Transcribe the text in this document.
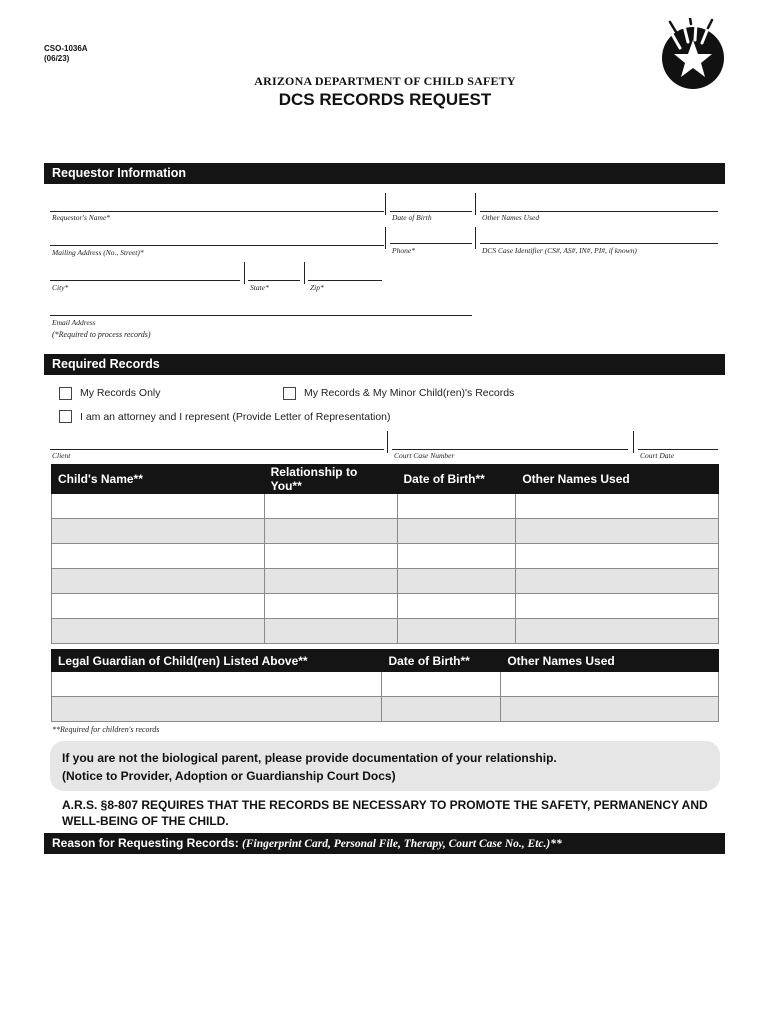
CSO-1036A
(06/23)
ARIZONA DEPARTMENT OF CHILD SAFETY
DCS RECORDS REQUEST
Requestor Information
Requestor's Name*	Date of Birth	Other Names Used
Mailing Address (No., Street)*	Phone*	DCS Case Identifier (CS#, AS#, IN#, PI#, if known)
City*	State*	Zip*
Email Address
(*Required to process records)
Required Records
My Records Only	My Records & My Minor Child(ren)'s Records
I am an attorney and I represent (Provide Letter of Representation)
Client	Court Case Number	Court Date
Child's Name**	Relationship to You**	Date of Birth**	Other Names Used

Legal Guardian of Child(ren) Listed Above**	Date of Birth**	Other Names Used

**Required for children's records
If you are not the biological parent, please provide documentation of your relationship.
(Notice to Provider, Adoption or Guardianship Court Docs)
A.R.S. §8-807 REQUIRES THAT THE RECORDS BE NECESSARY TO PROMOTE THE SAFETY, PERMANENCY AND WELL-BEING OF THE CHILD.
Reason for Requesting Records: (Fingerprint Card, Personal File, Therapy, Court Case No., Etc.)**
